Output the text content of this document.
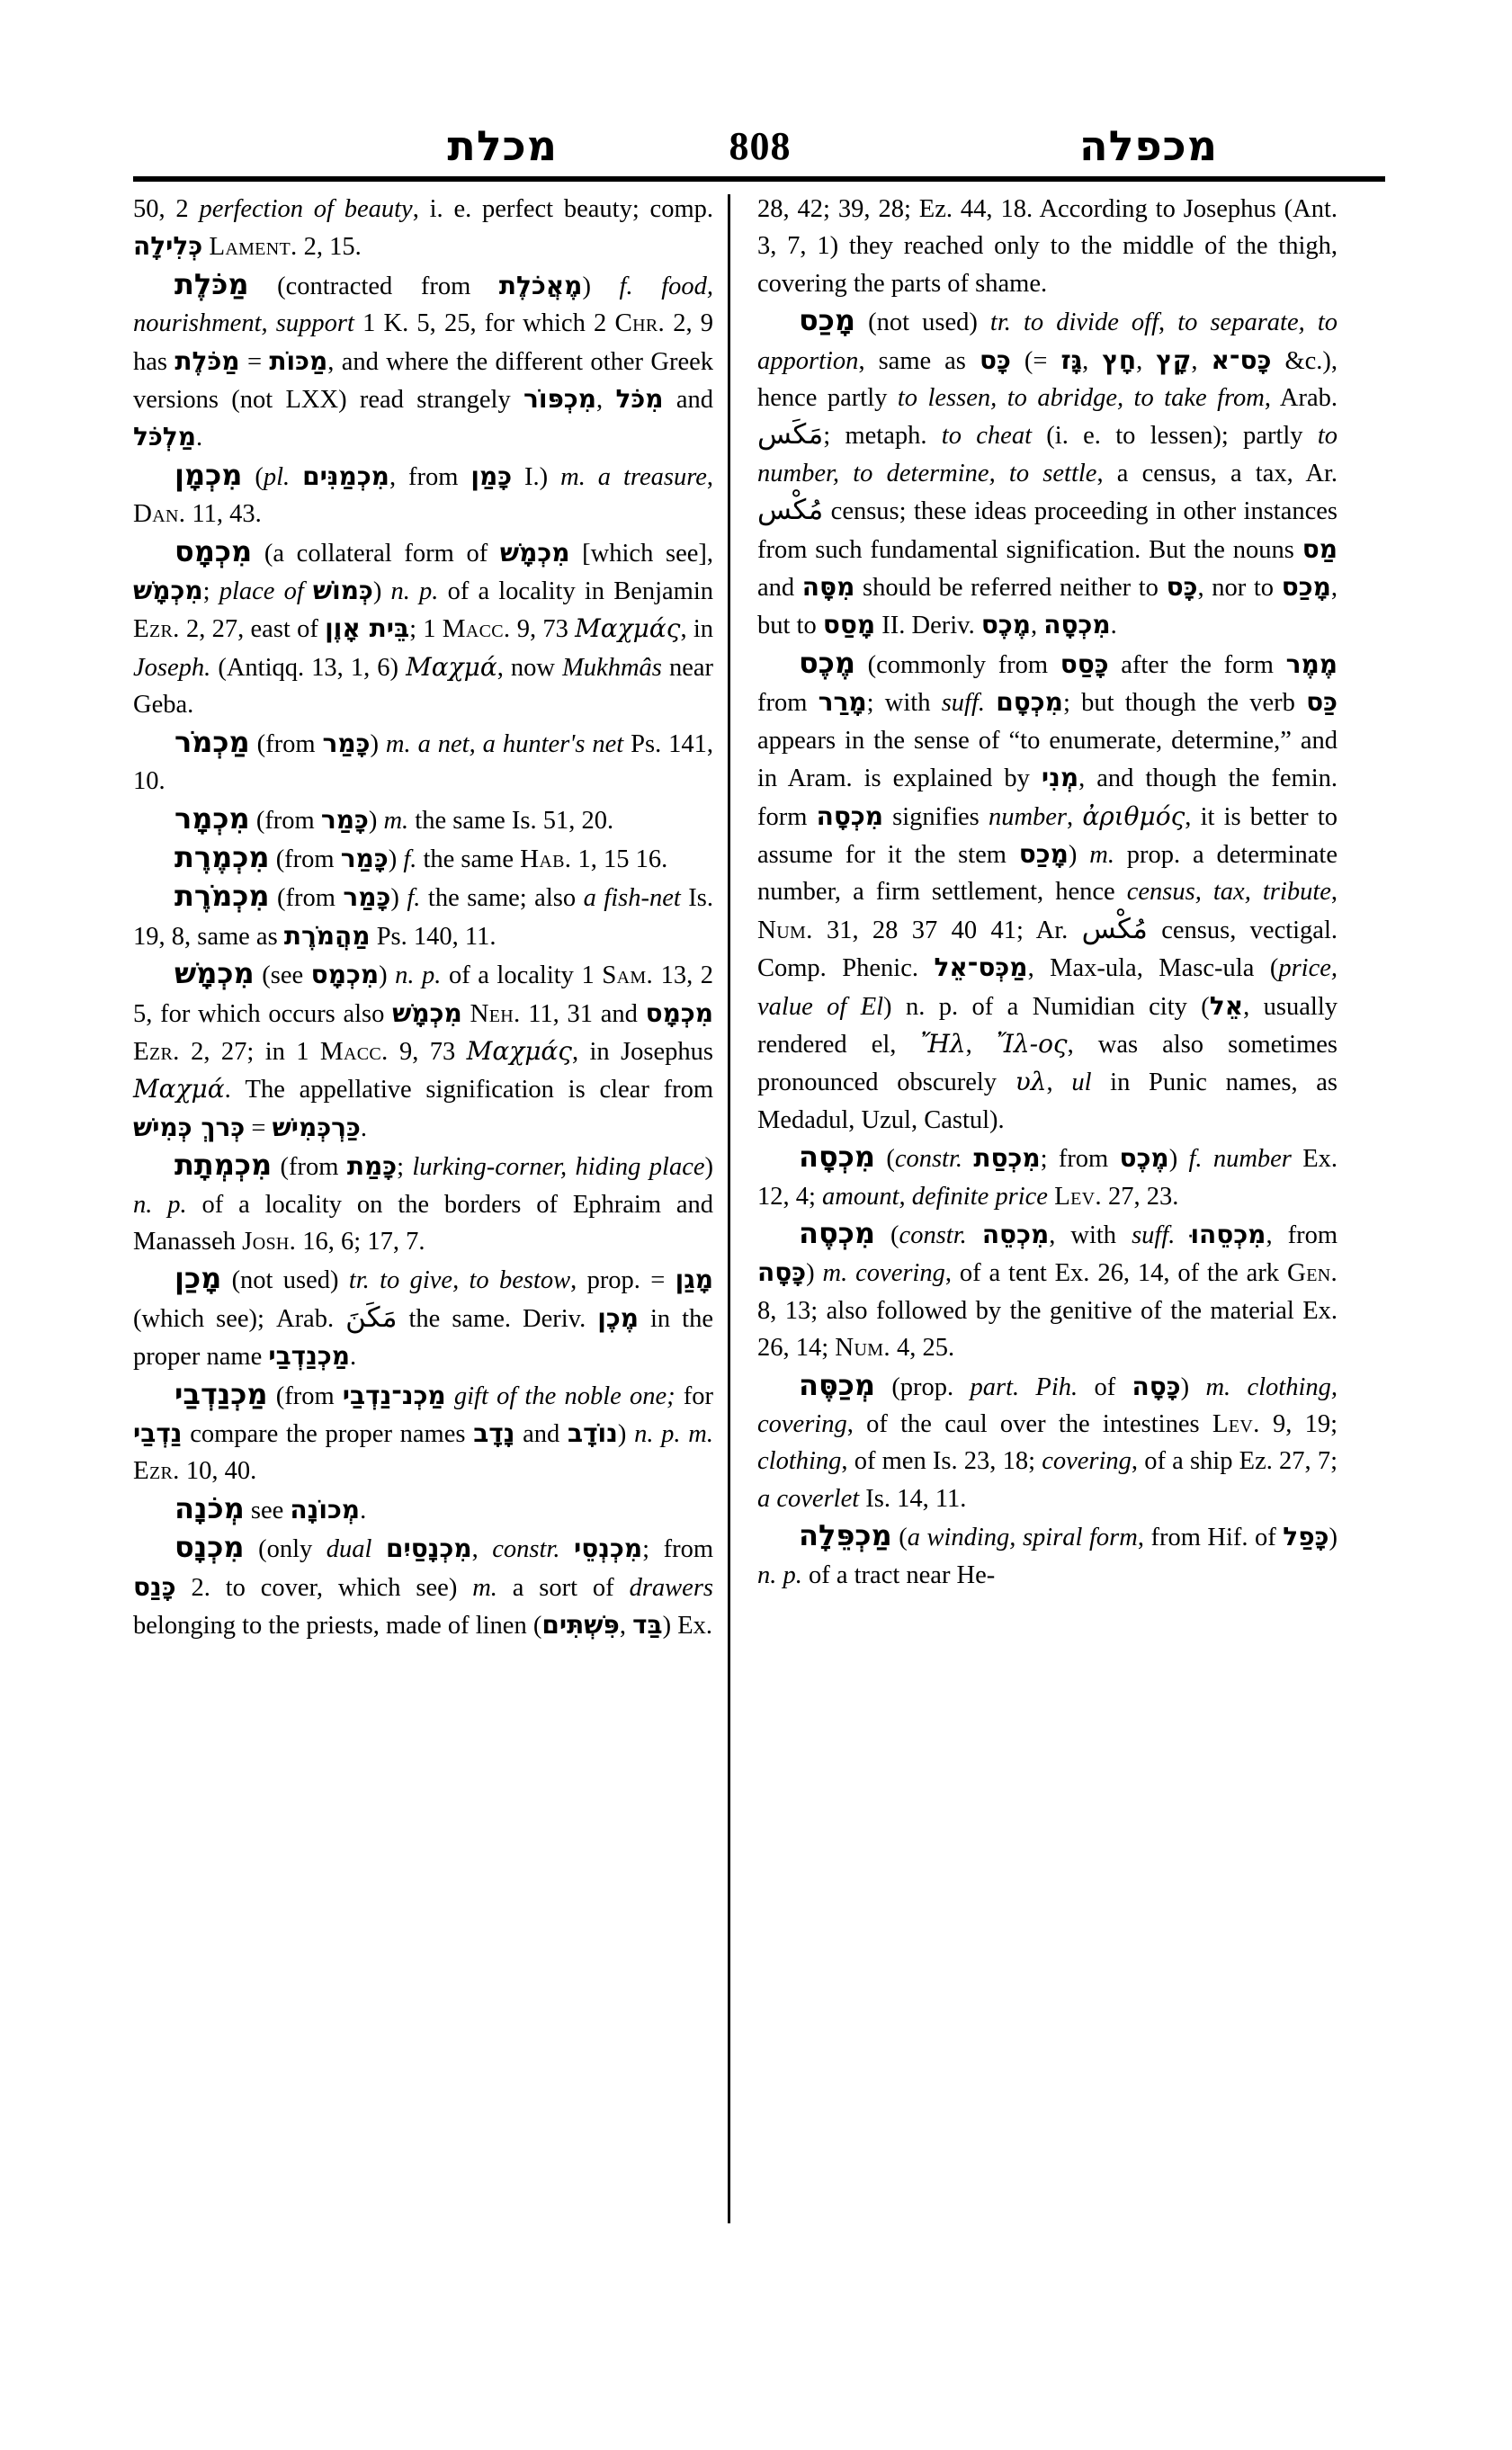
מכלת	808	מכפלה

50, 2 perfection of beauty, i. e. perfect beauty; comp. כְּלִילָה Lament. 2, 15.

מַכֹּלֶת (contracted from מֶאֲכֹלֶת) f. food, nourishment, support 1 K. 5, 25, for which 2 Chr. 2, 9 has מַכֹּלֶת = מַכּוֹת, and where the different other Greek versions (not LXX) read strangely מִכְפּוֹר, מִכֹּל and מַלְכֹּל.

מִכְמָן (pl. מִכְמַנִּים, from כָּמַן I.) m. a treasure, Dan. 11, 43.

מִכְמָס (a collateral form of מִכְמָשׁ [which see], מִכְמָשׁ; place of כְּמוֹשׁ) n. p. of a locality in Benjamin Ezr. 2, 27, east of בֵּית אָוֶן; 1 Macc. 9, 73 Μαχμάς, in Joseph. (Antiqq. 13, 1, 6) Μαχμά, now Mukhmâs near Geba.

מַכְמֹר (from כָּמַר) m. a net, a hunter's net Ps. 141, 10.

מִכְמָר (from כָּמַר) m. the same Is. 51, 20.

מִכְמֶרֶת (from כָּמַר) f. the same Hab. 1, 15 16.

מִכְמֹרֶת (from כָּמַר) f. the same; also a fish-net Is. 19, 8, same as מַהֲמֹרֶת Ps. 140, 11.

מִכְמָשׁ (see מִכְמָס) n. p. of a locality 1 Sam. 13, 2 5, for which occurs also מִכְמָשׁ Neh. 11, 31 and מִכְמָס Ezr. 2, 27; in 1 Macc. 9, 73 Μαχμάς, in Josephus Μαχμά. The appellative signification is clear from כְּרךְ כְּמִישׁ = כַּרְכְּמִישׁ.

מִכְמְתָת (from כָּמַת; lurking-corner, hiding place) n. p. of a locality on the borders of Ephraim and Manasseh Josh. 16, 6; 17, 7.

מָכַן (not used) tr. to give, to bestow, prop. = מָגַן (which see); Arab. مَكَنَ the same. Deriv. מֶכֶן in the proper name מַכְנַדְבַי.

מַכְנַדְבַי (from מַכְנ־נַדְבַי gift of the noble one; for נַדְבַי compare the proper names נָדָב and נוֹדָב) n. p. m. Ezr. 10, 40.

מְכֹנָה see מְכוֹנָה.

מִכְנָס (only dual מִכְנָסַיִם, constr. מִכְנְסֵי; from כָּנַס 2. to cover, which see) m. a sort of drawers belonging to the priests, made of linen (פִּשְׁתִּים, בַּד) Ex.

28, 42; 39, 28; Ez. 44, 18. According to Josephus (Ant. 3, 7, 1) they reached only to the middle of the thigh, covering the parts of shame.

מָכַס (not used) tr. to divide off, to separate, to apportion, same as כָּס (= גָּז, חָץ, קָץ, כָּס־א &c.), hence partly to lessen, to abridge, to take from, Arab. مَكَس; metaph. to cheat (i. e. to lessen); partly to number, to determine, to settle, a census, a tax, Ar. مُكْس census; these ideas proceeding in other instances from such fundamental signification. But the nouns מַס and מִסָּה should be referred neither to כָּס, nor to מָכַס, but to מָסַס II. Deriv. מֶכֶס, מִכְסָה.

מֶכֶס (commonly from כָּסַס after the form מֶמֶר from מָרַר; with suff. מִכְסָם; but though the verb כַּס appears in the sense of “to enumerate, determine,” and in Aram. is explained by מְנִי, and though the femin. form מִכְסָה signifies number, ἀριθμός, it is better to assume for it the stem מָכַס) m. prop. a determinate number, a firm settlement, hence census, tax, tribute, Num. 31, 28 37 40 41; Ar. مُكْس census, vectigal. Comp. Phenic. מַכְּס־אֵל, Max-ula, Masc-ula (price, value of El) n. p. of a Numidian city (אֵל, usually rendered el, Ἤλ, Ἴλ-ος, was also sometimes pronounced obscurely υλ, ul in Punic names, as Medadul, Uzul, Castul).

מִכְסָה (constr. מִכְסַת; from מֶכֶס) f. number Ex. 12, 4; amount, definite price Lev. 27, 23.

מִכְסֶה (constr. מִכְסֵה, with suff. מִכְסֵהוּ, from כָּסָה) m. covering, of a tent Ex. 26, 14, of the ark Gen. 8, 13; also followed by the genitive of the material Ex. 26, 14; Num. 4, 25.

מְכַסֶּה (prop. part. Pih. of כָּסָה) m. clothing, covering, of the caul over the intestines Lev. 9, 19; clothing, of men Is. 23, 18; covering, of a ship Ez. 27, 7; a coverlet Is. 14, 11.

מַכְפֵּלָה (a winding, spiral form, from Hif. of כָּפַל) n. p. of a tract near He-
